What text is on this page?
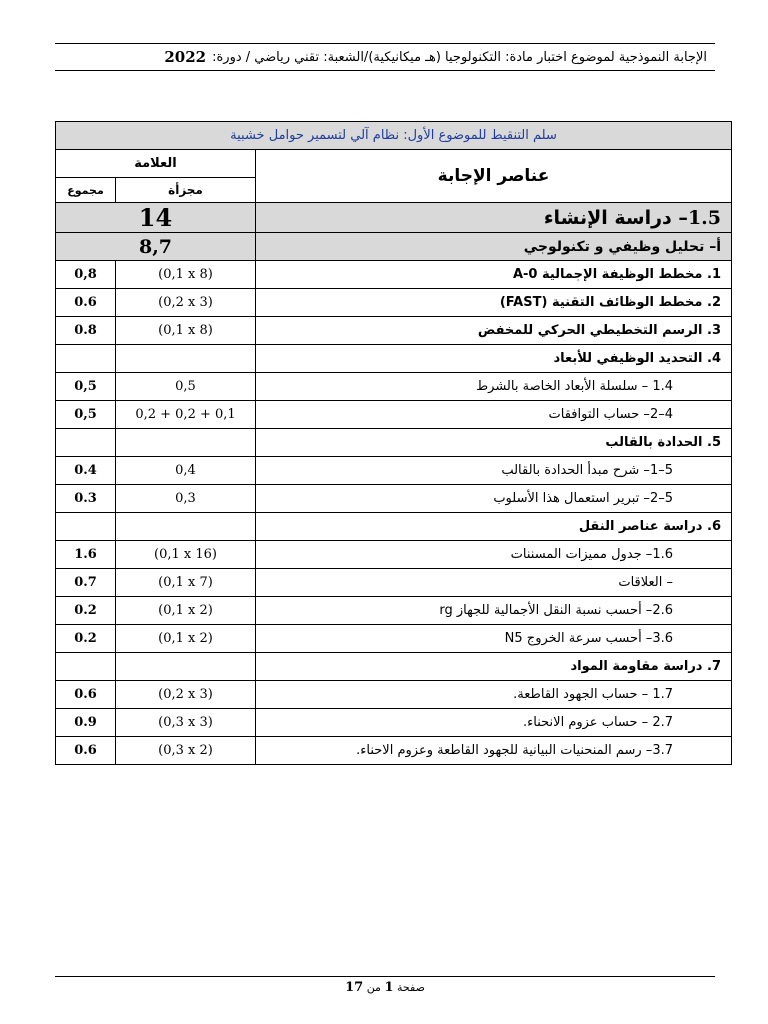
الإجابة النموذجية لموضوع اختبار مادة: التكنولوجيا (هـ ميكانيكية)/الشعبة: تقني رياضي / دورة:
2022
سلم التنقيط للموضوع الأول: نظام آلي لتسمير حوامل خشبية		
العلامة		عناصر الإجابة
مجموع	مجزأة	
14		1.5– دراسة الإنشاء
8,7		أ– تحليل وظيفي و تكنولوجي
0,8	(0,1 x 8)	1. مخطط الوظيفة الإجمالية A-0
0.6	(0,2 x 3)	2. مخطط الوظائف التقنية (FAST)
0.8	(0,1 x 8)	3. الرسم التخطيطي الحركي للمخفض
		4. التحديد الوظيفي للأبعاد
0,5	0,5	1.4 – سلسلة الأبعاد الخاصة بالشرط
0,5	0,2 + 0,2 + 0,1	4–2– حساب التوافقات
		5. الحدادة بالقالب
0.4	0,4	5–1– شرح مبدأ الحدادة بالقالب
0.3	0,3	5–2– تبرير استعمال هذا الأسلوب
		6. دراسة عناصر النقل
1.6	(0,1 x 16)	1.6– جدول مميزات المسننات
0.7	(0,1 x 7)	– العلاقات
0.2	(0,1 x 2)	2.6– أحسب نسبة النقل الأجمالية للجهاز rg
0.2	(0,1 x 2)	3.6– أحسب سرعة الخروج N5
		7. دراسة مقاومة المواد
0.6	(0,2 x 3)	1.7 – حساب الجهود القاطعة.
0.9	(0,3 x 3)	2.7 – حساب عزوم الانحناء.
0.6	(0,3 x 2)	3.7– رسم المنحنيات البيانية للجهود القاطعة وعزوم الاحناء.
صفحة 1 من 17
